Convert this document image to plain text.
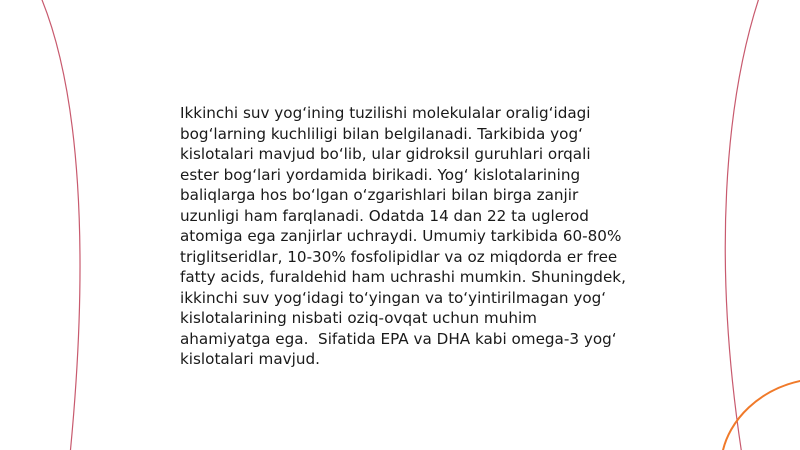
Ikkinchi suv yog‘ining tuzilishi molekulalar oralig‘idagi bog‘larning kuchliligi bilan belgilanadi. Tarkibida yog‘ kislotalari mavjud bo‘lib, ular gidroksil guruhlari orqali ester bog‘lari yordamida birikadi. Yog‘ kislotalarining baliqlarga hos bo‘lgan o‘zgarishlari bilan birga zanjir uzunligi ham farqlanadi. Odatda 14 dan 22 ta uglerod atomiga ega zanjirlar uchraydi. Umumiy tarkibida 60-80% triglitseridlar, 10-30% fosfolipidlar va oz miqdorda er free fatty acids, furaldehid ham uchrashi mumkin. Shuningdek, ikkinchi suv yog‘idagi to‘yingan va to‘yintirilmagan yog‘ kislotalarining nisbati oziq-ovqat uchun muhim ahamiyatga ega.  Sifatida EPA va DHA kabi omega-3 yog‘ kislotalari mavjud.
